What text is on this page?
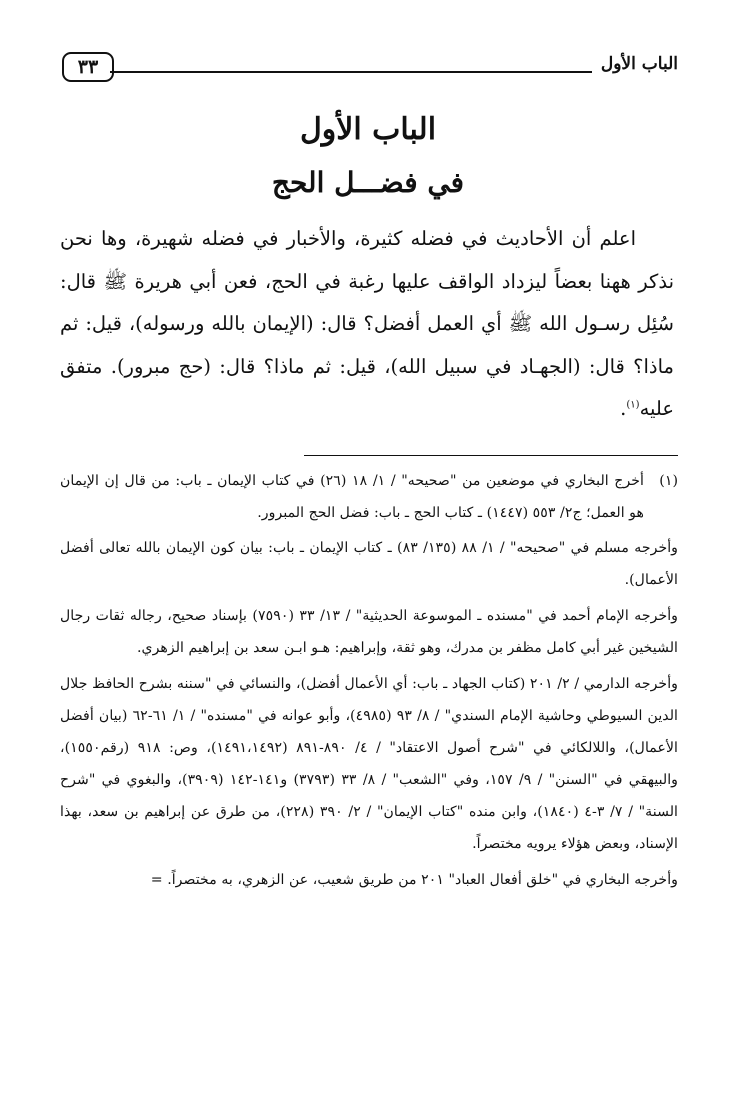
٣٣	الباب الأول
الباب الأول
في فضـــل الحج

اعلم أن الأحاديث في فضله كثيرة، والأخبار في فضله شهيرة، وها نحن نذكر ههنا بعضاً ليزداد الواقف عليها رغبة في الحج، فعن أبي هريرة ﷺ قال: سُئِل رسـول الله ﷺ أي العمل أفضل؟ قال: (الإيمان بالله ورسوله)، قيل: ثم ماذا؟ قال: (الجهـاد في سبيل الله)، قيل: ثم ماذا؟ قال: (حج مبرور). متفق عليه$^{(١)}$.

(١)
أخرج البخاري في موضعين من "صحيحه" / ١/ ١٨ (٢٦) في كتاب الإيمان ـ باب: من قال إن الإيمان هو العمل؛ ج٢/ ٥٥٣ (١٤٤٧) ـ كتاب الحج ـ باب: فضل الحج المبرور.

وأخرجه مسلم في "صحيحه" / ١/ ٨٨ (١٣٥/ ٨٣) ـ كتاب الإيمان ـ باب: بيان كون الإيمان بالله تعالى أفضل الأعمال).

وأخرجه الإمام أحمد في "مسنده ـ الموسوعة الحديثية" / ١٣/ ٣٣ (٧٥٩٠) بإسناد صحيح، رجاله ثقات رجال الشيخين غير أبي كامل مظفر بن مدرك، وهو ثقة، وإبراهيم: هـو ابـن سعد بن إبراهيم الزهري.

وأخرجه الدارمي / ٢/ ٢٠١ (كتاب الجهاد ـ باب: أي الأعمال أفضل)، والنسائي في "سننه بشرح الحافظ جلال الدين السيوطي وحاشية الإمام السندي" / ٨/ ٩٣ (٤٩٨٥)، وأبو عوانه في "مسنده" / ١/ ٦١-٦٢ (بيان أفضل الأعمال)، واللالكائي في "شرح أصول الاعتقاد" / ٤/ ٨٩٠-٨٩١ (١٤٩١،١٤٩٢)، وص: ٩١٨ (رقم١٥٥٠)، والبيهقي في "السنن" / ٩/ ١٥٧، وفي "الشعب" / ٨/ ٣٣ (٣٧٩٣) و١٤١-١٤٢ (٣٩٠٩)، والبغوي في "شرح السنة" / ٧/ ٣-٤ (١٨٤٠)، وابن منده "كتاب الإيمان" / ٢/ ٣٩٠ (٢٢٨)، من طرق عن إبراهيم بن سعد، بهذا الإسناد، وبعض هؤلاء يرويه مختصراً.

وأخرجه البخاري في "خلق أفعال العباد" ٢٠١ من طريق شعيب، عن الزهري، به مختصراً. =
